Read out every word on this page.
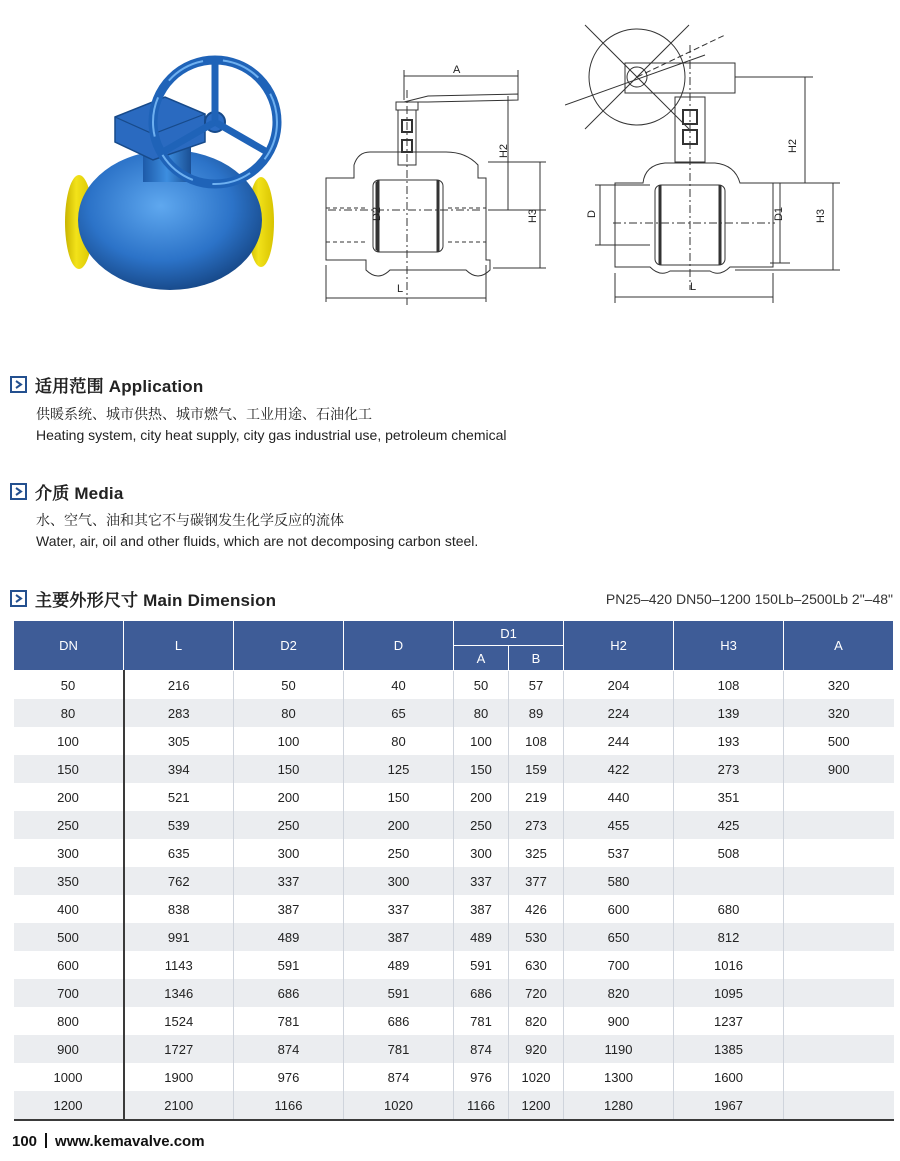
A
H2
H3
D2
L
H2
H3
D	D1
L
适用范围 Application
供暖系统、城市供热、城市燃气、工业用途、石油化工
Heating system, city heat supply, city gas industrial use, petroleum chemical
介质 Media
水、空气、油和其它不与碳钢发生化学反应的流体
Water, air, oil and other fluids, which are not decomposing carbon steel.
主要外形尺寸 Main Dimension	PN25–420 DN50–1200 150Lb–2500Lb 2"–48"
DN	L	D2	D	D1		H2	H3	A
				A	B			
50	216	50	40	50	57	204	108	320
80	283	80	65	80	89	224	139	320
100	305	100	80	100	108	244	193	500
150	394	150	125	150	159	422	273	900
200	521	200	150	200	219	440	351	
250	539	250	200	250	273	455	425	
300	635	300	250	300	325	537	508	
350	762	337	300	337	377	580		
400	838	387	337	387	426	600	680	
500	991	489	387	489	530	650	812	
600	1143	591	489	591	630	700	1016	
700	1346	686	591	686	720	820	1095	
800	1524	781	686	781	820	900	1237	
900	1727	874	781	874	920	1190	1385	
1000	1900	976	874	976	1020	1300	1600	
1200	2100	1166	1020	1166	1200	1280	1967	
100 www.kemavalve.com
